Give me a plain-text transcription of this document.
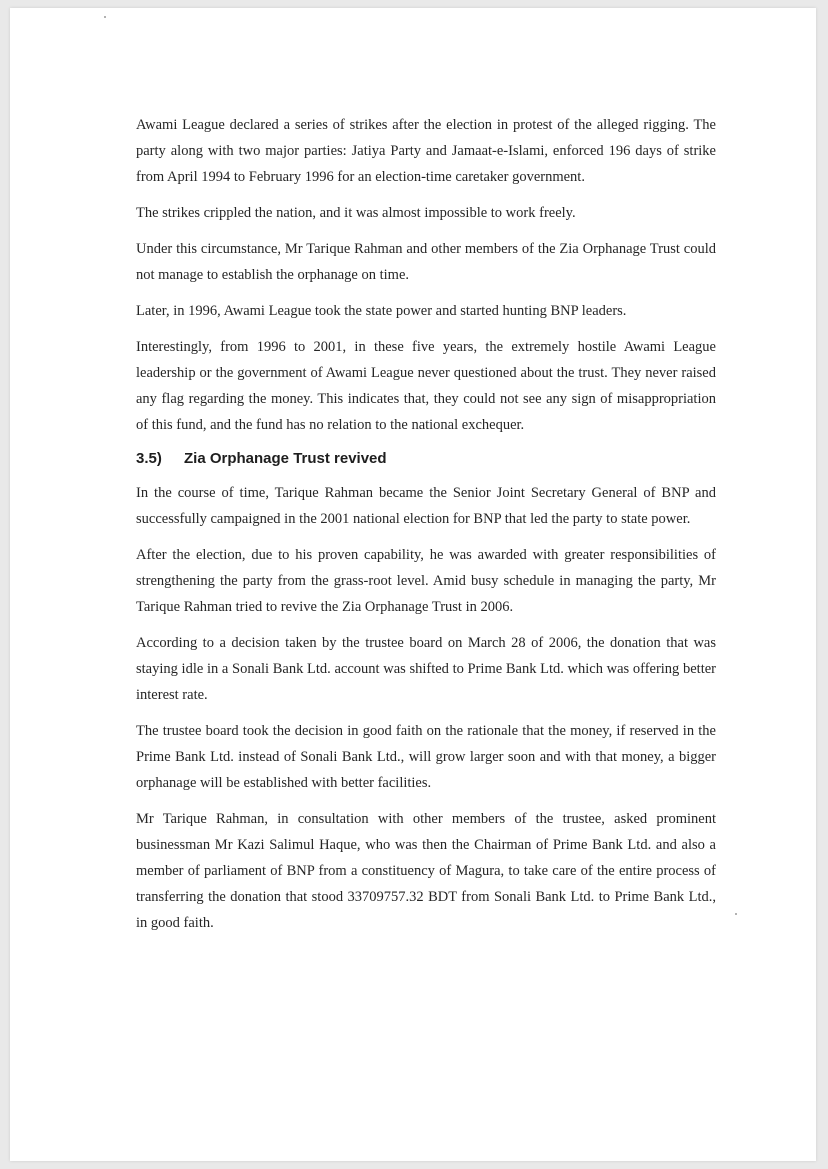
Awami League declared a series of strikes after the election in protest of the alleged rigging. The party along with two major parties: Jatiya Party and Jamaat-e-Islami, enforced 196 days of strike from April 1994 to February 1996 for an election-time caretaker government.

The strikes crippled the nation, and it was almost impossible to work freely.

Under this circumstance, Mr Tarique Rahman and other members of the Zia Orphanage Trust could not manage to establish the orphanage on time.

Later, in 1996, Awami League took the state power and started hunting BNP leaders.

Interestingly, from 1996 to 2001, in these five years, the extremely hostile Awami League leadership or the government of Awami League never questioned about the trust. They never raised any flag regarding the money. This indicates that, they could not see any sign of misappropriation of this fund, and the fund has no relation to the national exchequer.

3.5)	Zia Orphanage Trust revived

In the course of time, Tarique Rahman became the Senior Joint Secretary General of BNP and successfully campaigned in the 2001 national election for BNP that led the party to state power.

After the election, due to his proven capability, he was awarded with greater responsibilities of strengthening the party from the grass-root level. Amid busy schedule in managing the party, Mr Tarique Rahman tried to revive the Zia Orphanage Trust in 2006.

According to a decision taken by the trustee board on March 28 of 2006, the donation that was staying idle in a Sonali Bank Ltd. account was shifted to Prime Bank Ltd. which was offering better interest rate.

The trustee board took the decision in good faith on the rationale that the money, if reserved in the Prime Bank Ltd. instead of Sonali Bank Ltd., will grow larger soon and with that money, a bigger orphanage will be established with better facilities.

Mr Tarique Rahman, in consultation with other members of the trustee, asked prominent businessman Mr Kazi Salimul Haque, who was then the Chairman of Prime Bank Ltd. and also a member of parliament of BNP from a constituency of Magura, to take care of the entire process of transferring the donation that stood 33709757.32 BDT from Sonali Bank Ltd. to Prime Bank Ltd., in good faith.
